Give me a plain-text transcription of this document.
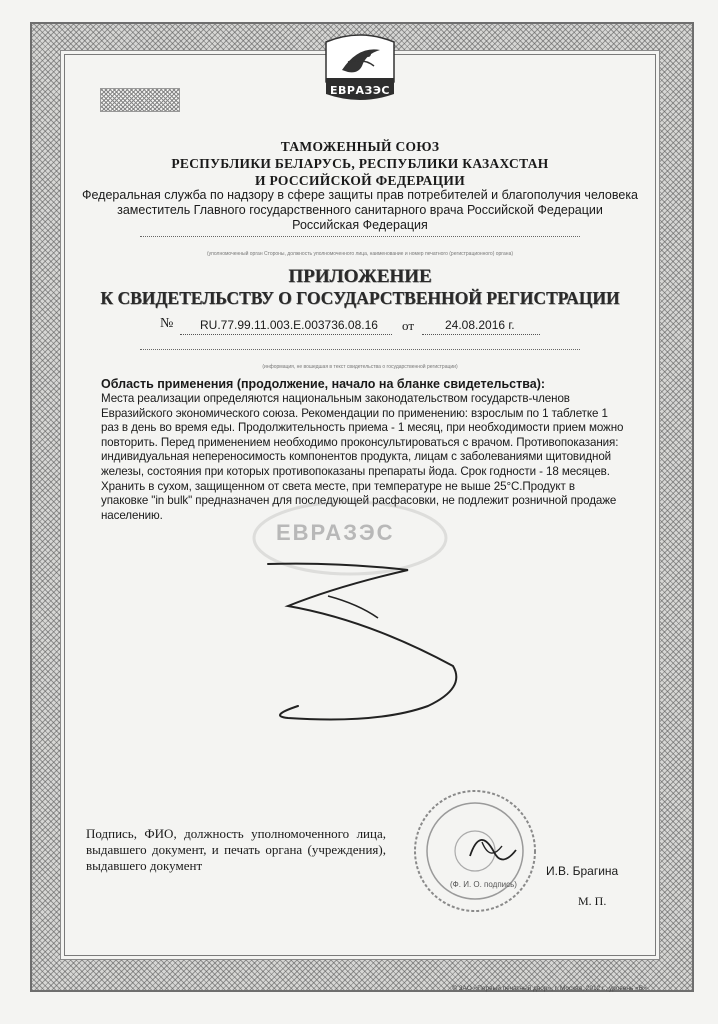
ЕВРАЗЭС
ТАМОЖЕННЫЙ СОЮЗ
РЕСПУБЛИКИ БЕЛАРУСЬ, РЕСПУБЛИКИ КАЗАХСТАН
И РОССИЙСКОЙ ФЕДЕРАЦИИ
Федеральная служба по надзору в сфере защиты прав потребителей и благополучия человека
заместитель Главного государственного санитарного врача Российской Федерации
Российская Федерация
(уполномоченный орган Стороны, должность уполномоченного лица, наименование и номер печатного (регистрационного) органа)
ПРИЛОЖЕНИЕ
К СВИДЕТЕЛЬСТВУ О ГОСУДАРСТВЕННОЙ РЕГИСТРАЦИИ
№ RU.77.99.11.003.E.003736.08.16 от	24.08.2016 г.
(информация, не вошедшая в текст свидетельства о государственной регистрации)
Область применения (продолжение, начало на бланке свидетельства):
Места реализации определяются национальным законодательством государств-членов
Евразийского экономического союза. Рекомендации по применению: взрослым по 1 таблетке 1
раз в день во время еды. Продолжительность приема - 1 месяц, при необходимости прием можно
повторить. Перед применением необходимо проконсультироваться с врачом. Противопоказания:
индивидуальная непереносимость компонентов продукта, лицам с заболеваниями щитовидной
железы, состояния при которых противопоказаны препараты йода. Срок годности - 18 месяцев.
Хранить в сухом, защищенном от света месте, при температуре не выше 25°С.Продукт в
упаковке "in bulk" предназначен для последующей расфасовки, не подлежит розничной продаже
населению.
ЕВРАЗЭС
Подпись, ФИО, должность уполномоченного лица, выдавшего документ, и печать органа (учреждения), выдавшего документ	И.В. Брагина
(Ф. И. О. подпись)
М. П.
© ЗАО «Первый печатный двор», г. Москва, 2012 г., уровень «В»
